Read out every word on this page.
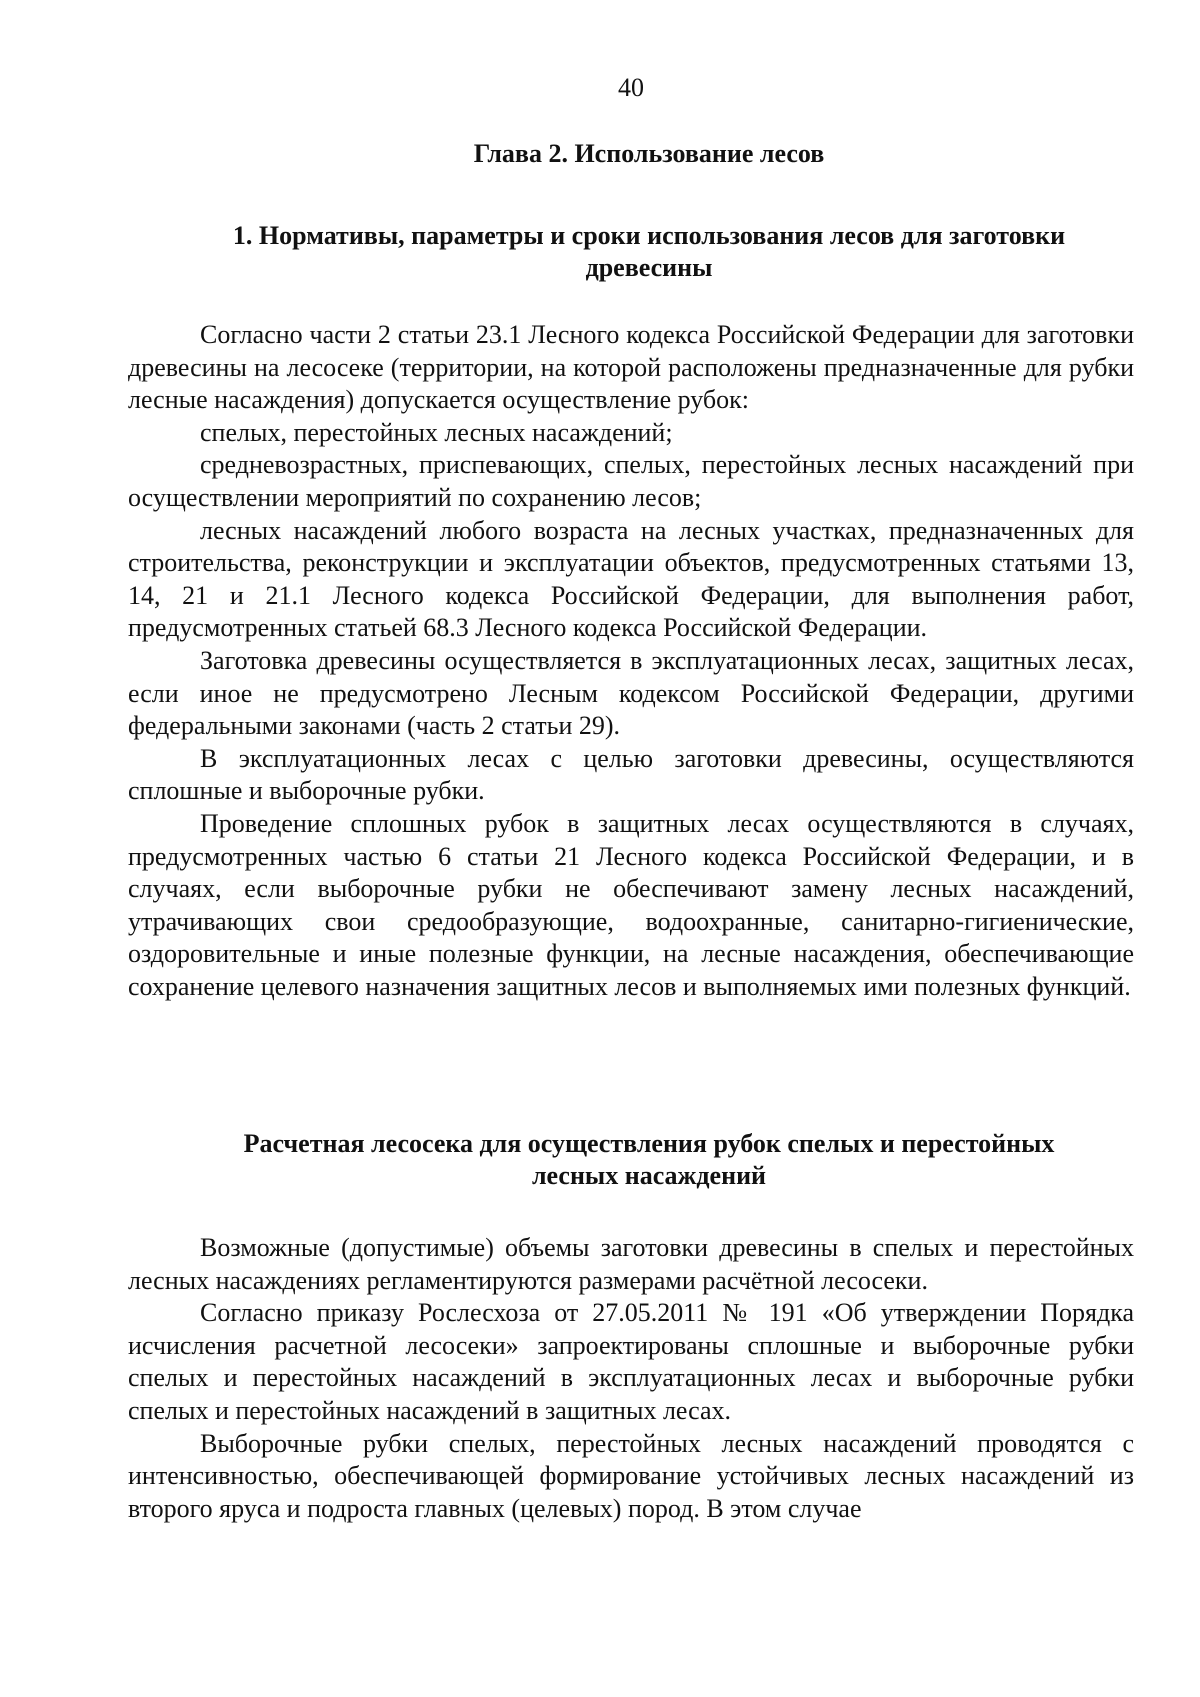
40
Глава 2. Использование лесов
1. Нормативы, параметры и сроки использования лесов для заготовки
древесины

Согласно части 2 статьи 23.1 Лесного кодекса Российской Федерации для заготовки древесины на лесосеке (территории, на которой расположены предназначенные для рубки лесные насаждения) допускается осуществление рубок:

спелых, перестойных лесных насаждений;

средневозрастных, приспевающих, спелых, перестойных лесных насаждений при осуществлении мероприятий по сохранению лесов;

лесных насаждений любого возраста на лесных участках, предназначенных для строительства, реконструкции и эксплуатации объектов, предусмотренных статьями 13, 14, 21 и 21.1 Лесного кодекса Российской Федерации, для выполнения работ, предусмотренных статьей 68.3 Лесного кодекса Российской Федерации.

Заготовка древесины осуществляется в эксплуатационных лесах, защитных лесах, если иное не предусмотрено Лесным кодексом Российской Федерации, другими федеральными законами (часть 2 статьи 29).

В эксплуатационных лесах с целью заготовки древесины, осуществляются сплошные и выборочные рубки.

Проведение сплошных рубок в защитных лесах осуществляются в случаях, предусмотренных частью 6 статьи 21 Лесного кодекса Российской Федерации, и в случаях, если выборочные рубки не обеспечивают замену лесных насаждений, утрачивающих свои средообразующие, водоохранные, санитарно-гигиенические, оздоровительные и иные полезные функции, на лесные насаждения, обеспечивающие сохранение целевого назначения защитных лесов и выполняемых ими полезных функций.

Расчетная лесосека для осуществления рубок спелых и перестойных
лесных насаждений

Возможные (допустимые) объемы заготовки древесины в спелых и перестойных лесных насаждениях регламентируются размерами расчётной лесосеки.

Согласно приказу Рослесхоза от 27.05.2011 № 191 «Об утверждении Порядка исчисления расчетной лесосеки» запроектированы сплошные и выборочные рубки спелых и перестойных насаждений в эксплуатационных лесах и выборочные рубки спелых и перестойных насаждений в защитных лесах.

Выборочные рубки спелых, перестойных лесных насаждений проводятся с интенсивностью, обеспечивающей формирование устойчивых лесных насаждений из второго яруса и подроста главных (целевых) пород. В этом случае
